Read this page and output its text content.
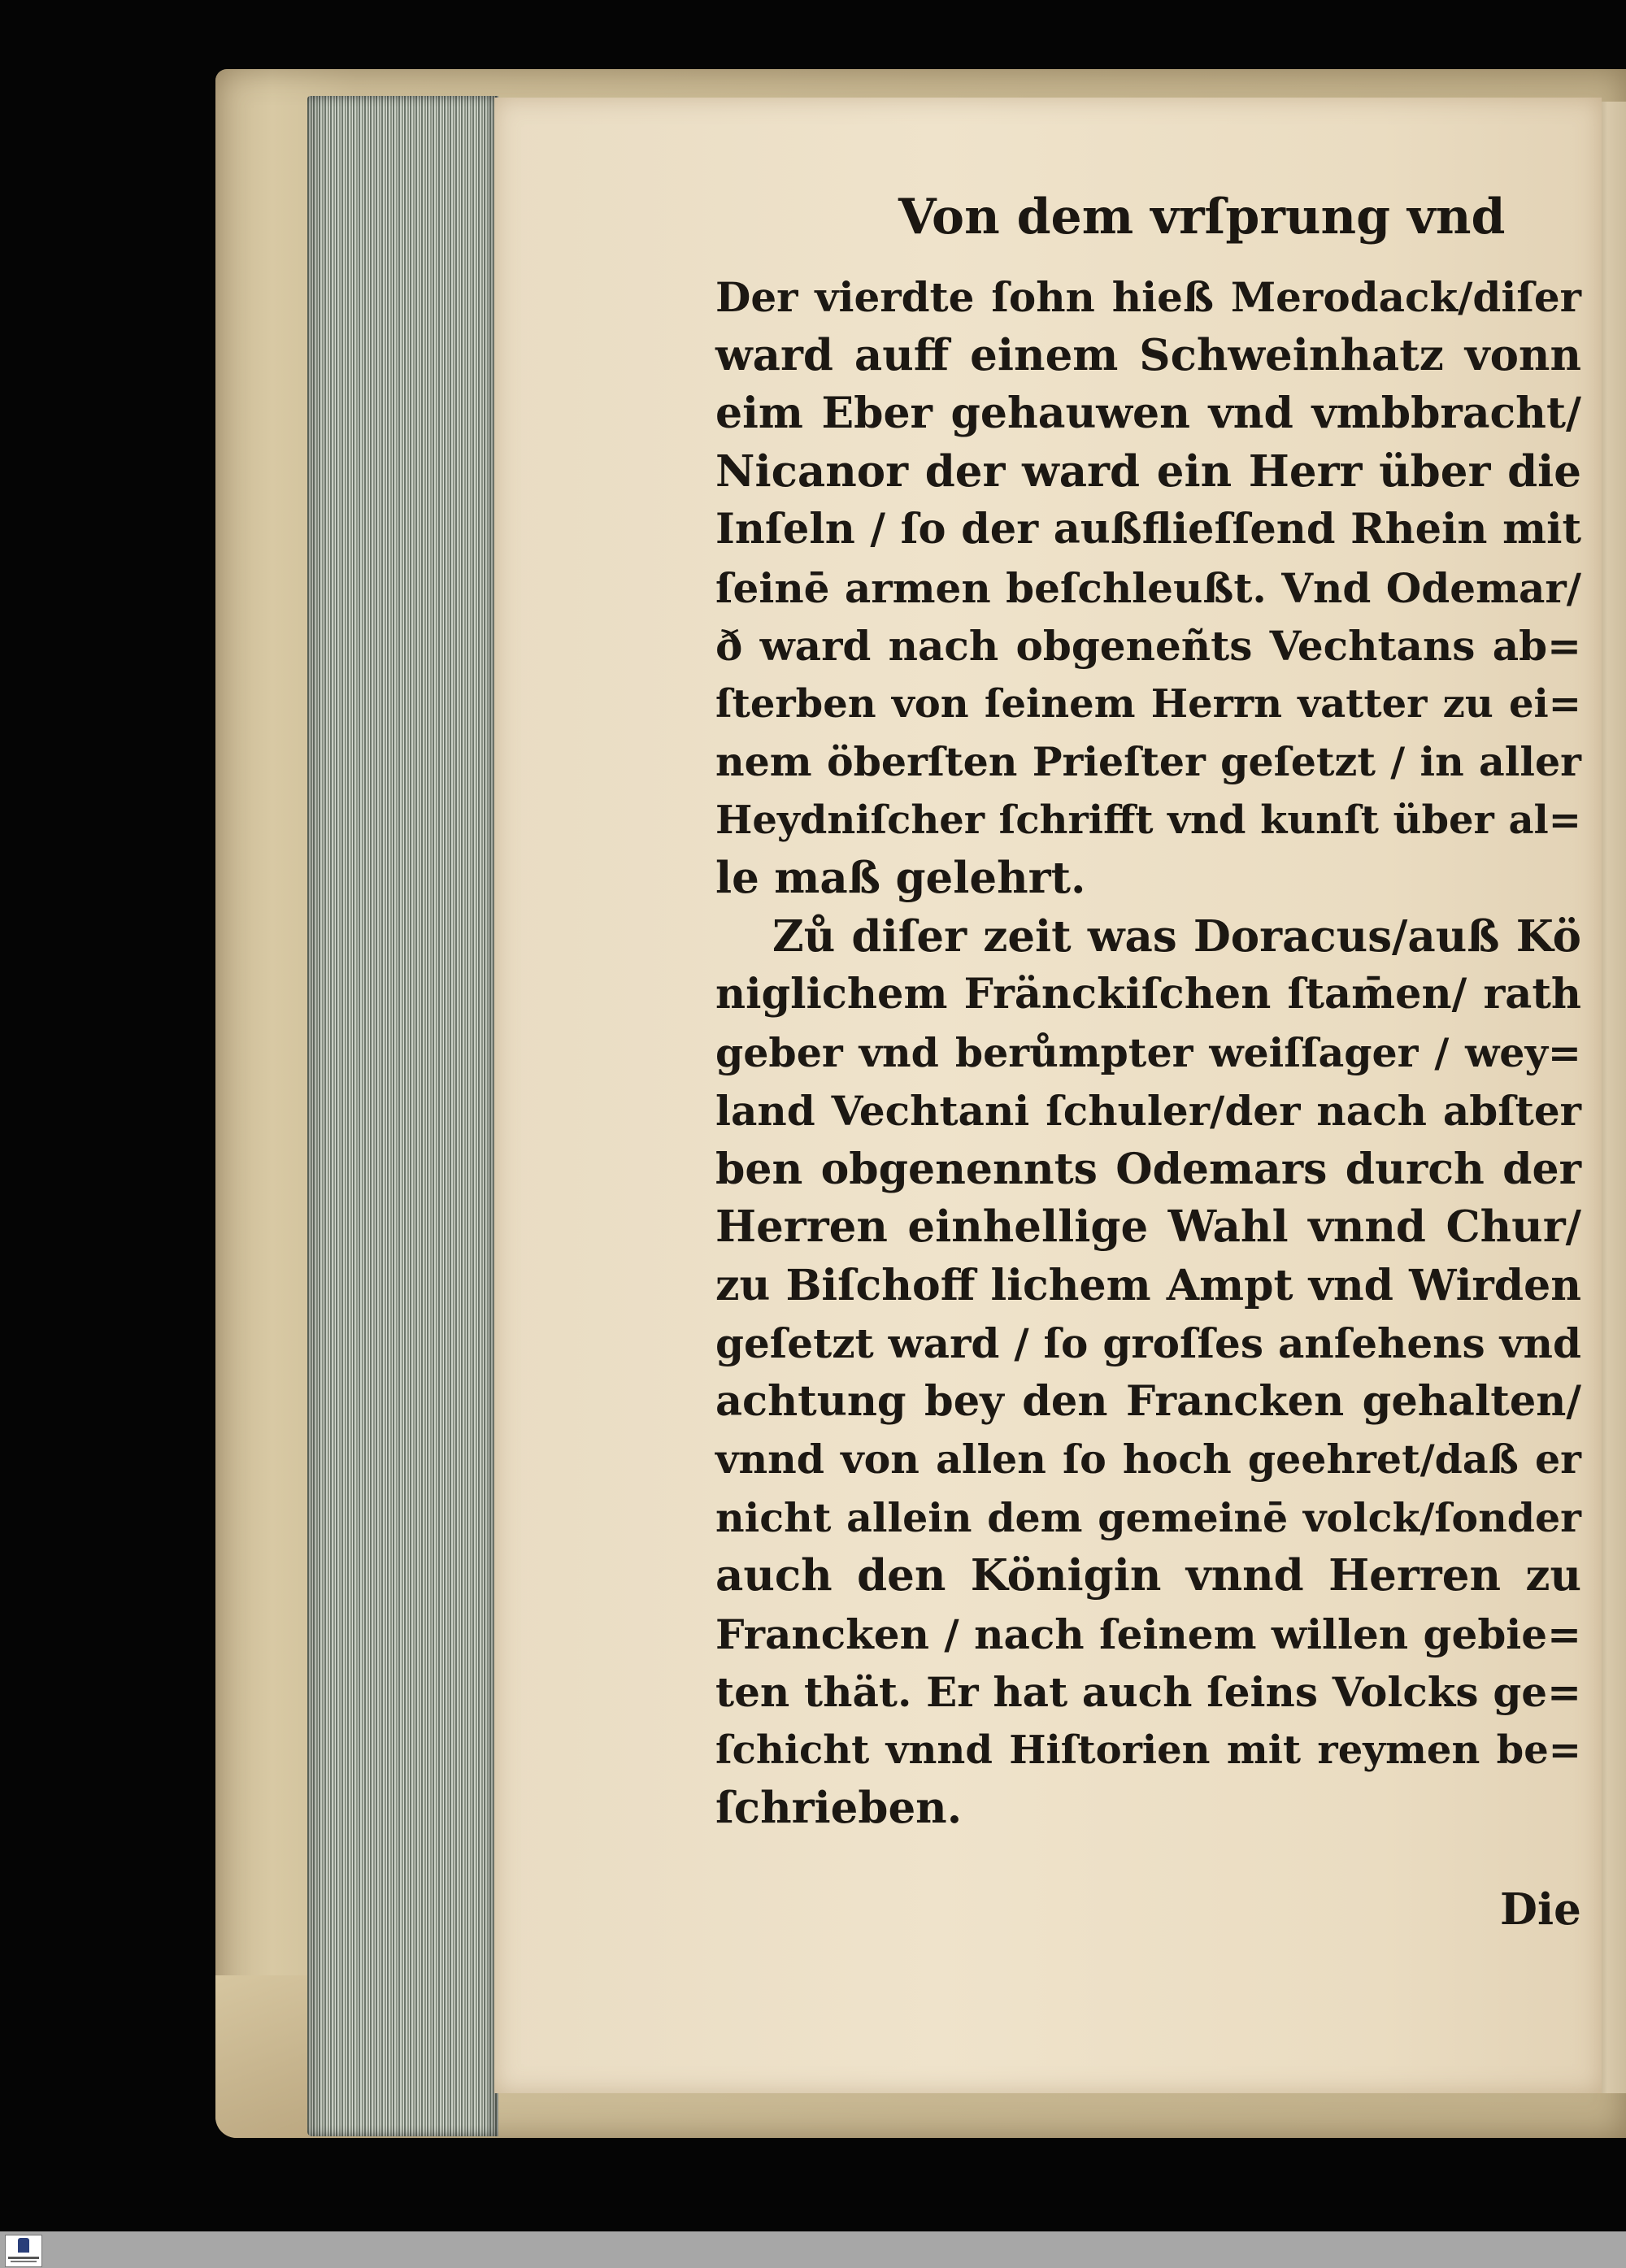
Von dem vrſprung vnd
Der vierdte ſohn hieß Merodack/diſer
ward auff einem Schweinhatz vonn
eim Eber gehauwen vnd vmbbracht/
Nicanor der ward ein Herr über die
Inſeln / ſo der außflieſſend Rhein mit
ſeinē armen beſchleußt. Vnd Odemar/
ð ward nach obgeneñts Vechtans ab=
ſterben von ſeinem Herrn vatter zu ei=
nem öberſten Prieſter geſetzt / in aller
Heydniſcher ſchrifft vnd kunſt über al=
le maß gelehrt.
Zů diſer zeit was Doracus/auß Kö
niglichem Fränckiſchen ſtam̄en/ rath
geber vnd berůmpter weiſſager / wey=
land Vechtani ſchuler/der nach abſter
ben obgenennts Odemars durch der
Herren einhellige Wahl vnnd Chur/
zu Biſchoff lichem Ampt vnd Wirden
geſetzt ward / ſo groſſes anſehens vnd
achtung bey den Francken gehalten/
vnnd von allen ſo hoch geehret/daß er
nicht allein dem gemeinē volck/ſonder
auch den Königin vnnd Herren zu
Francken / nach ſeinem willen gebie=
ten thät. Er hat auch ſeins Volcks ge=
ſchicht vnnd Hiſtorien mit reymen be=
ſchrieben.
Die
